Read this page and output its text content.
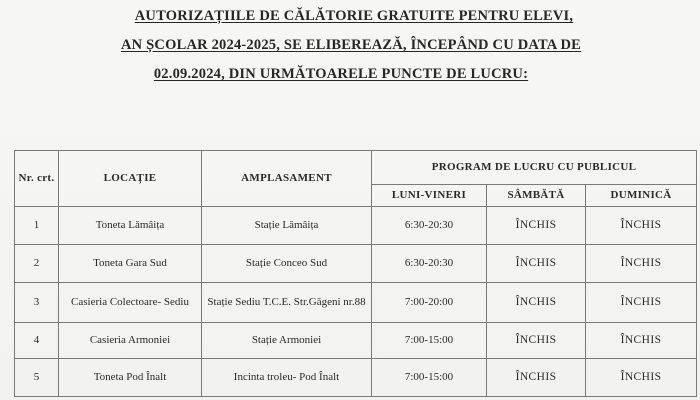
AUTORIZAȚIILE DE CĂLĂTORIE GRATUITE PENTRU ELEVI,
AN ȘCOLAR 2024-2025, SE ELIBEREAZĂ, ÎNCEPÂND CU DATA DE
02.09.2024, DIN URMĂTOARELE PUNCTE DE LUCRU:
Nr. crt.	LOCAȚIE	AMPLASAMENT	PROGRAM DE LUCRU CU PUBLICUL		
			LUNI-VINERI	SÂMBĂTĂ	DUMINICĂ
1	Toneta Lămâița	Stație Lămâița	6:30-20:30	ÎNCHIS	ÎNCHIS
2	Toneta Gara Sud	Stație Conceo Sud	6:30-20:30	ÎNCHIS	ÎNCHIS
3	Casieria Colectoare- Sediu	Stație Sediu T.C.E. Str.Găgeni nr.88	7:00-20:00	ÎNCHIS	ÎNCHIS
4	Casieria Armoniei	Stație Armoniei	7:00-15:00	ÎNCHIS	ÎNCHIS
5	Toneta Pod Înalt	Incinta troleu- Pod Înalt	7:00-15:00	ÎNCHIS	ÎNCHIS
